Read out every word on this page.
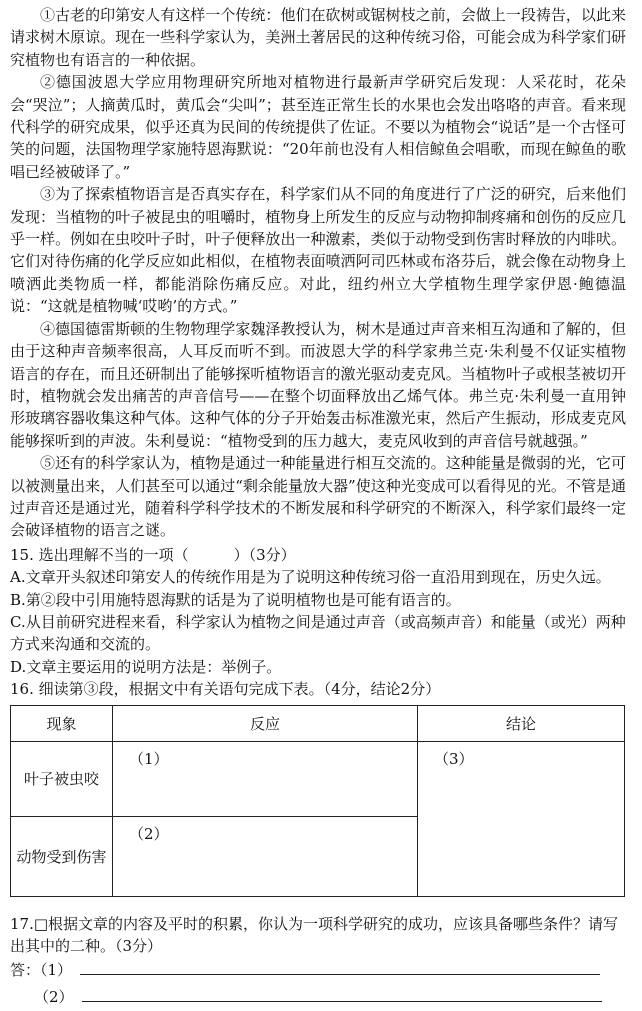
①古老的印第安人有这样一个传统：他们在砍树或锯树枝之前，会做上一段祷告，以此来请求树木原谅。现在一些科学家认为，美洲土著居民的这种传统习俗，可能会成为科学家们研究植物也有语言的一种依据。

②德国波恩大学应用物理研究所地对植物进行最新声学研究后发现：人采花时，花朵会“哭泣”；人摘黄瓜时，黄瓜会“尖叫”；甚至连正常生长的水果也会发出咯咯的声音。看来现代科学的研究成果，似乎还真为民间的传统提供了佐证。不要以为植物会“说话”是一个古怪可笑的问题，法国物理学家施特恩海默说：“20年前也没有人相信鲸鱼会唱歌，而现在鲸鱼的歌唱已经被破译了。”

③为了探索植物语言是否真实存在，科学家们从不同的角度进行了广泛的研究，后来他们发现：当植物的叶子被昆虫的咀嚼时，植物身上所发生的反应与动物抑制疼痛和创伤的反应几乎一样。例如在虫咬叶子时，叶子便释放出一种激素，类似于动物受到伤害时释放的内啡吠。它们对待伤痛的化学反应如此相似，在植物表面喷洒阿司匹林或布洛芬后，就会像在动物身上喷洒此类物质一样，都能消除伤痛反应。对此，纽约州立大学植物生理学家伊恩·鲍德温说：“这就是植物喊‘哎哟’的方式。”

④德国德雷斯顿的生物物理学家魏泽教授认为，树木是通过声音来相互沟通和了解的，但由于这种声音频率很高，人耳反而听不到。而波恩大学的科学家弗兰克·朱利曼不仅证实植物语言的存在，而且还研制出了能够探听植物语言的激光驱动麦克风。当植物叶子或根茎被切开时，植物就会发出痛苦的声音信号——在整个切面释放出乙烯气体。弗兰克·朱利曼一直用钟形玻璃容器收集这种气体。这种气体的分子开始轰击标准激光束，然后产生振动，形成麦克风能够探听到的声波。朱利曼说：“植物受到的压力越大，麦克风收到的声音信号就越强。”

⑤还有的科学家认为，植物是通过一种能量进行相互交流的。这种能量是微弱的光，它可以被测量出来，人们甚至可以通过“剩余能量放大器”使这种光变成可以看得见的光。不管是通过声音还是通过光，随着科学科学技术的不断发展和科学研究的不断深入，科学家们最终一定会破译植物的语言之谜。

15. 选出理解不当的一项（　　　）（3分）

A.文章开头叙述印第安人的传统作用是为了说明这种传统习俗一直沿用到现在，历史久远。

B.第②段中引用施特恩海默的话是为了说明植物也是可能有语言的。

C.从目前研究进程来看，科学家认为植物之间是通过声音（或高频声音）和能量（或光）两种方式来沟通和交流的。

D.文章主要运用的说明方法是：举例子。

16. 细读第③段，根据文中有关语句完成下表。（4分，结论2分）

现象	反应	结论
叶子被虫咬	（1）	（3）
动物受到伤害	（2）	

17.□根据文章的内容及平时的积累，你认为一项科学研究的成功，应该具备哪些条件？请写出其中的二种。（3分）

答：（1）

（2）
